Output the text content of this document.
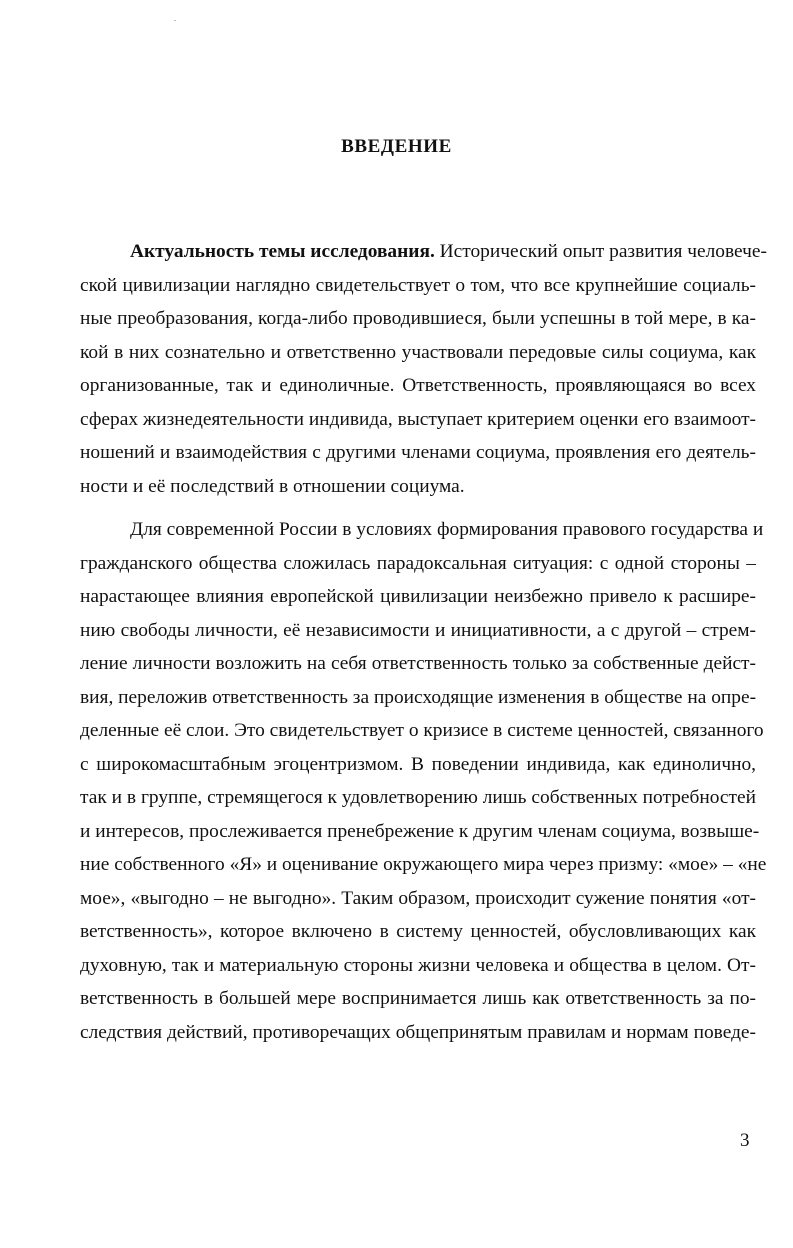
ВВЕДЕНИЕ
Актуальность темы исследования. Исторический опыт развития человече-
ской цивилизации наглядно свидетельствует о том, что все крупнейшие социаль-
ные преобразования, когда-либо проводившиеся, были успешны в той мере, в ка-
кой в них сознательно и ответственно участвовали передовые силы социума, как
организованные, так и единоличные. Ответственность, проявляющаяся во всех
сферах жизнедеятельности индивида, выступает критерием оценки его взаимоот-
ношений и взаимодействия с другими членами социума, проявления его деятель-
ности и её последствий в отношении социума.
Для современной России в условиях формирования правового государства и
гражданского общества сложилась парадоксальная ситуация: с одной стороны –
нарастающее влияния европейской цивилизации неизбежно привело к расшире-
нию свободы личности, её независимости и инициативности, а с другой – стрем-
ление личности возложить на себя ответственность только за собственные дейст-
вия, переложив ответственность за происходящие изменения в обществе на опре-
деленные её слои. Это свидетельствует о кризисе в системе ценностей, связанного
с широкомасштабным эгоцентризмом. В поведении индивида, как единолично,
так и в группе, стремящегося к удовлетворению лишь собственных потребностей
и интересов, прослеживается пренебрежение к другим членам социума, возвыше-
ние собственного «Я» и оценивание окружающего мира через призму: «мое» – «не
мое», «выгодно – не выгодно». Таким образом, происходит сужение понятия «от-
ветственность», которое включено в систему ценностей, обусловливающих как
духовную, так и материальную стороны жизни человека и общества в целом. От-
ветственность в большей мере воспринимается лишь как ответственность за по-
следствия действий, противоречащих общепринятым правилам и нормам поведе-
3
